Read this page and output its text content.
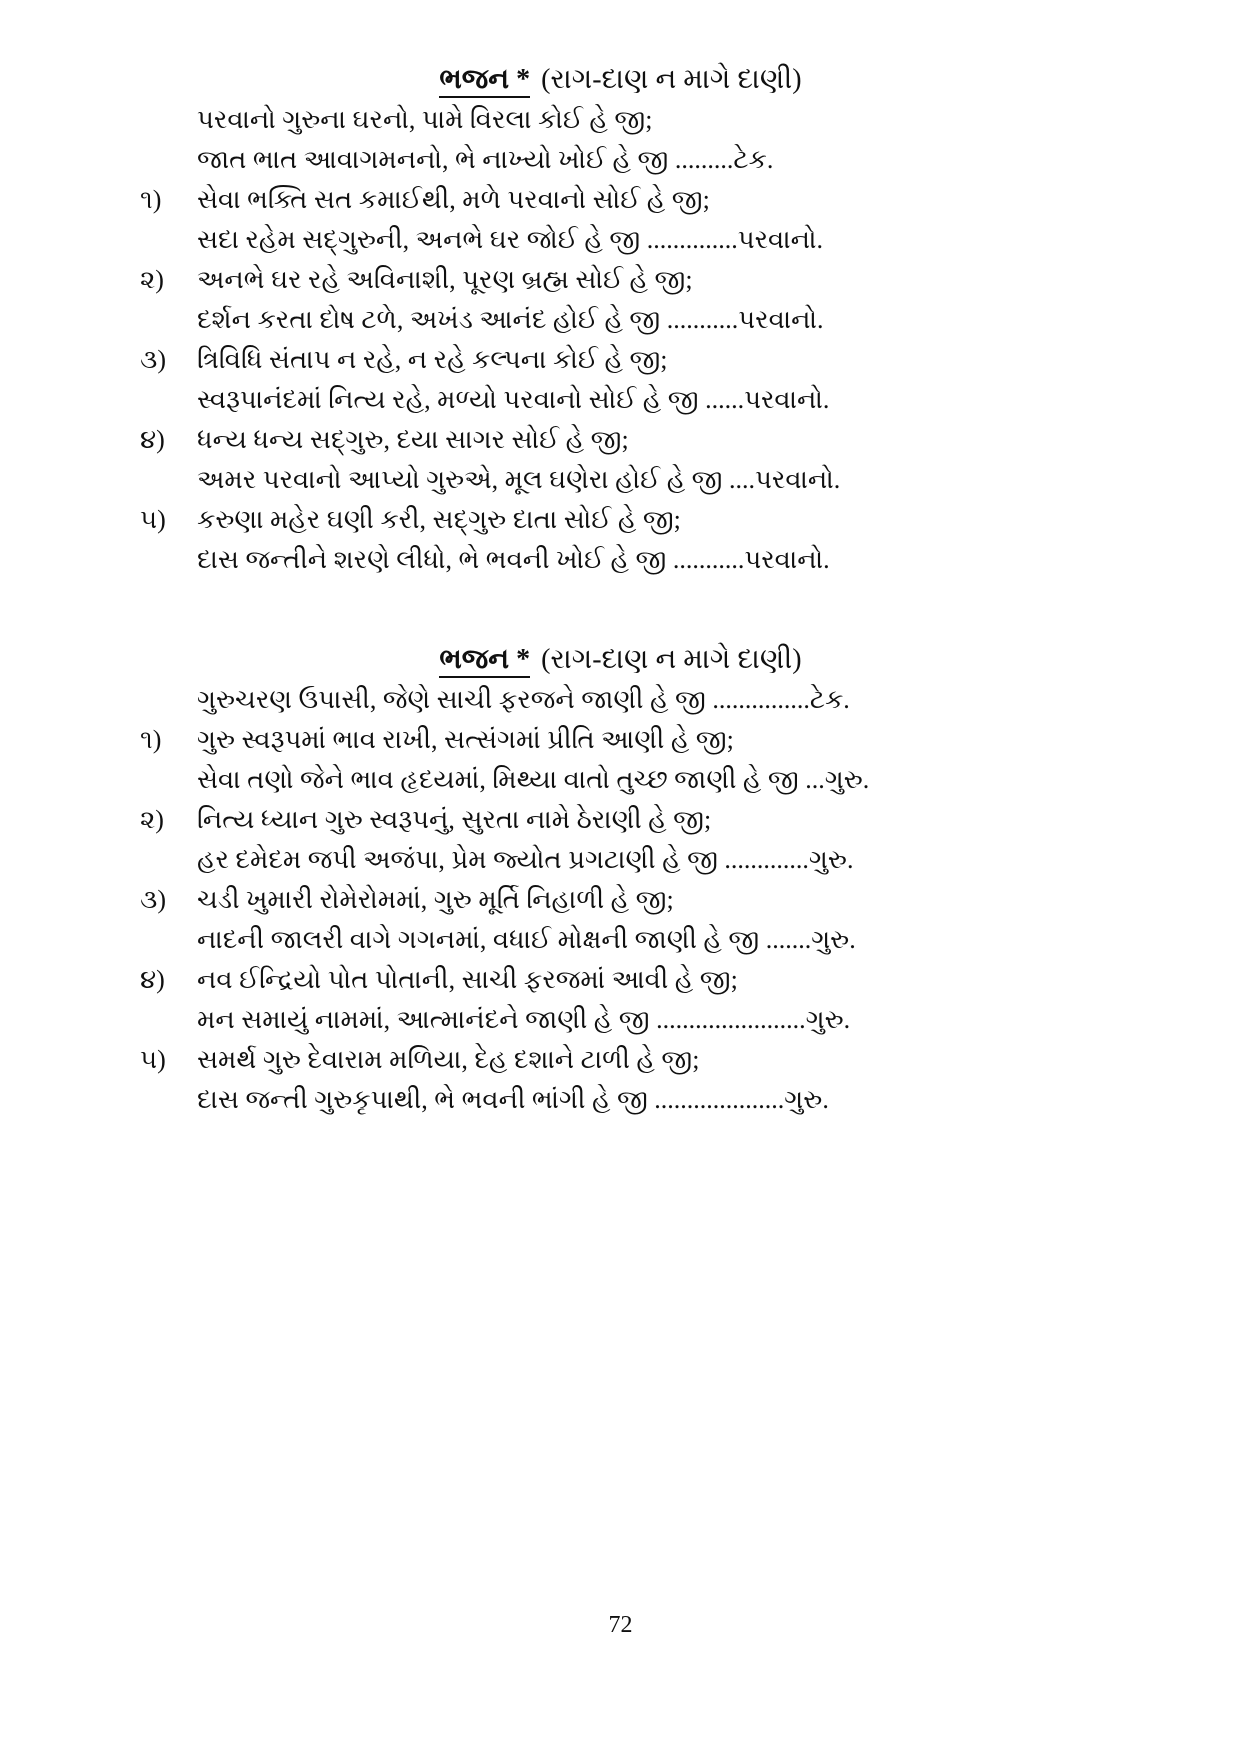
ભજન * (રાગ-દાણ ન માગે દાણી)
પરવાનો ગુરુના ઘરનો, પામે વિરલા કોઈ હે જી;
જાત ભાત આવાગમનનો, ભે નાખ્યો ખોઈ હે જી .........ટેક.
૧)	સેવા ભક્તિ સત કમાઈથી, મળે પરવાનો સોઈ હે જી;
સદા રહેમ સદ્ગુરુની, અનભે ઘર જોઈ હે જી ..............પરવાનો.
૨)	અનભે ઘર રહે અવિનાશી, પૂરણ બ્રહ્મ સોઈ હે જી;
દર્શન કરતા દોષ ટળે, અખંડ આનંદ હોઈ હે જી ...........પરવાનો.
૩)	ત્રિવિધિ સંતાપ ન રહે, ન રહે કલ્પના કોઈ હે જી;
સ્વરૂપાનંદમાં નિત્ય રહે, મળ્યો પરવાનો સોઈ હે જી ......પરવાનો.
૪)	ધન્ય ધન્ય સદ્ગુરુ, દયા સાગર સોઈ હે જી;
અમર પરવાનો આપ્યો ગુરુએ, મૂલ ઘણેરા હોઈ હે જી ....પરવાનો.
૫)	કરુણા મહેર ઘણી કરી, સદ્ગુરુ દાતા સોઈ હે જી;
દાસ જન્તીને શરણે લીધો, ભે ભવની ખોઈ હે જી ...........પરવાનો.
ભજન * (રાગ-દાણ ન માગે દાણી)
ગુરુચરણ ઉપાસી, જેણે સાચી ફરજને જાણી હે જી ...............ટેક.
૧)	ગુરુ સ્વરૂપમાં ભાવ રાખી, સત્સંગમાં પ્રીતિ આણી હે જી;
સેવા તણો જેને ભાવ હૃદયમાં, મિથ્યા વાતો તુચ્છ જાણી હે જી ...ગુરુ.
૨)	નિત્ય ધ્યાન ગુરુ સ્વરૂપનું, સુરતા નામે ઠેરાણી હે જી;
હર દમેદમ જપી અજંપા, પ્રેમ જ્યોત પ્રગટાણી હે જી .............ગુરુ.
૩)	ચડી ખુમારી રોમેરોમમાં, ગુરુ મૂર્તિ નિહાળી હે જી;
નાદની જાલરી વાગે ગગનમાં, વધાઈ મોક્ષની જાણી હે જી .......ગુરુ.
૪)	નવ ઈન્દ્રિયો પોત પોતાની, સાચી ફરજમાં આવી હે જી;
મન સમાયું નામમાં, આત્માનંદને જાણી હે જી .......................ગુરુ.
૫)	સમર્થ ગુરુ દેવારામ મળિયા, દેહ દશાને ટાળી હે જી;
દાસ જન્તી ગુરુકૃપાથી, ભે ભવની ભાંગી હે જી ....................ગુરુ.
72
